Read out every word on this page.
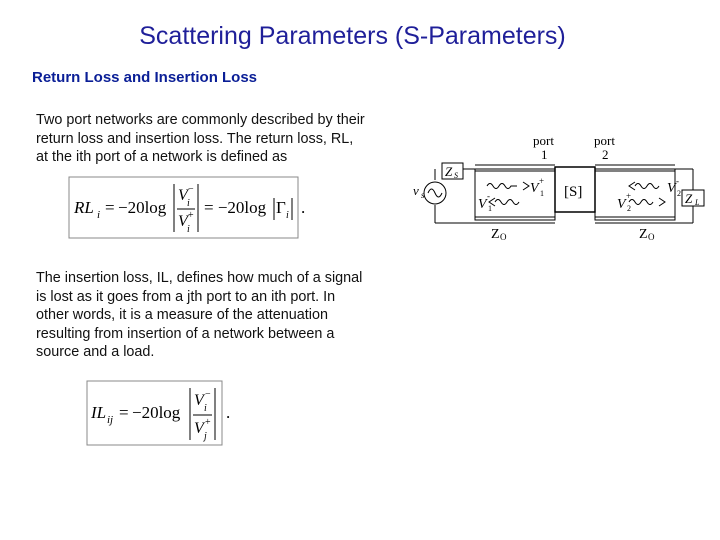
Scattering Parameters (S-Parameters)
Return Loss and Insertion Loss
Two port networks are commonly described by their
return loss and insertion loss. The return loss, RL,
at the ith port of a network is defined as
RL i = −20log
V −
i
V +
i
= −20log Γ i .
The insertion loss, IL, defines how much of a signal
is lost as it goes from a jth port to an ith port. In
other words, it is a measure of the attenuation
resulting from insertion of a network between a
source and a load.
IL ij = −20log
V −
i
V +
j
.
port
1
port
2
[S]
v s
Z S
Z L
V +
1
V
-
1
V -
2
V
+
2
Z O	Z O
